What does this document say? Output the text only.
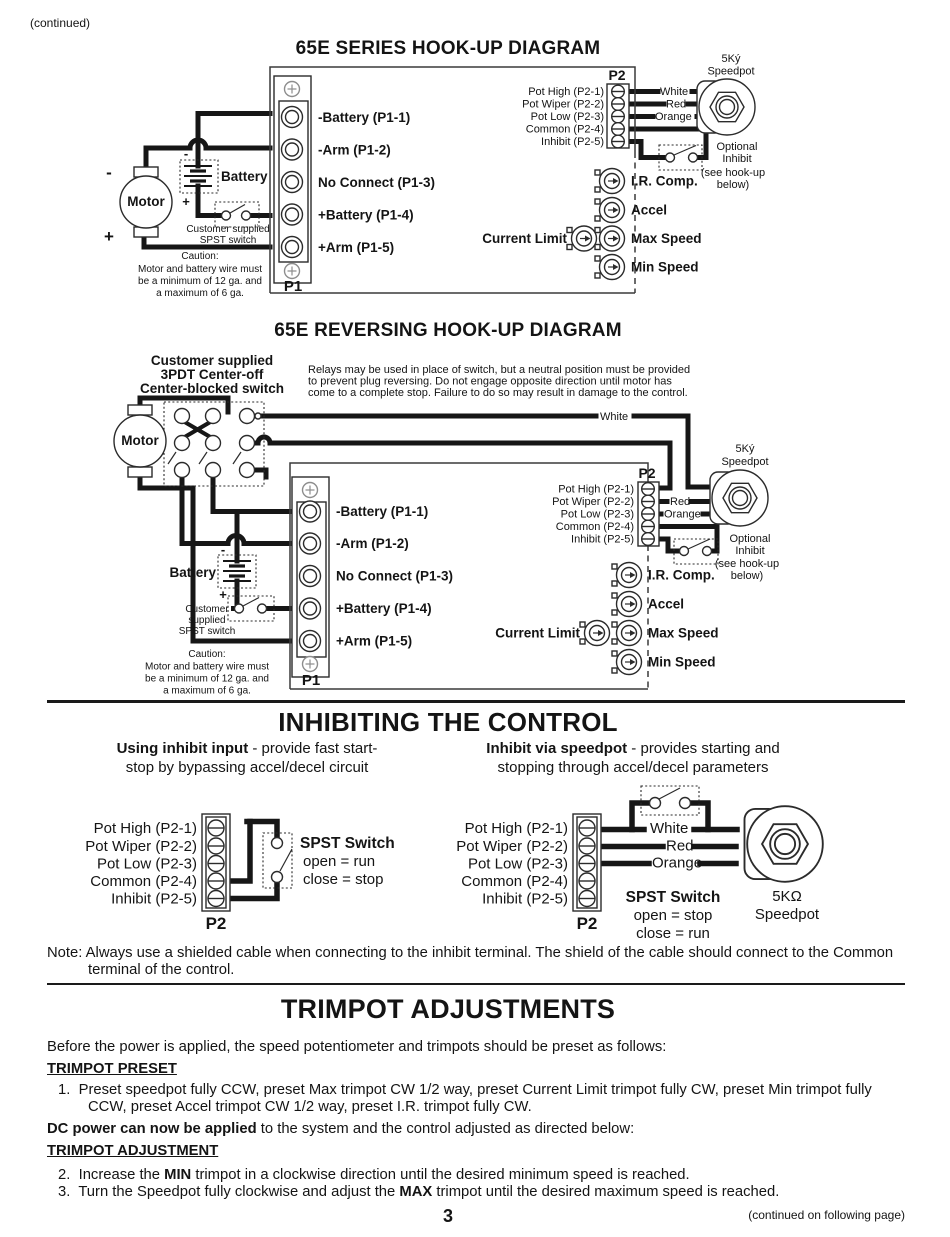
(continued)
65E SERIES HOOK-UP DIAGRAM
P1
-Battery (P1-1)
-Arm (P1-2)
No Connect (P1-3)
+Battery (P1-4)
+Arm (P1-5)
Motor
-
+
-
+
Battery
Customer supplied
SPST switch
Caution:
Motor and battery wire must
be a minimum of 12 ga. and
a maximum of 6 ga.
P2
Pot High (P2-1)
Pot Wiper (P2-2)
Pot Low (P2-3)
Common (P2-4)
Inhibit (P2-5)
White
Red
Orange
5Ký
Speedpot
Optional
Inhibit
(see hook-up
below)
I.R. Comp.
Accel
Max Speed
Min Speed
Current Limit
65E REVERSING HOOK-UP DIAGRAM
Customer supplied
3PDT Center-off
Center-blocked switch
Relays may be used in place of switch, but a neutral position must be provided
to prevent plug reversing. Do not engage opposite direction until motor has
come to a complete stop. Failure to do so may result in damage to the control.
Motor
White
P1
-Battery (P1-1)
-Arm (P1-2)
No Connect (P1-3)
+Battery (P1-4)
+Arm (P1-5)
-
+
Battery
Customer
supplied
SPST switch
Caution:
Motor and battery wire must
be a minimum of 12 ga. and
a maximum of 6 ga.
P2
Pot High (P2-1)
Pot Wiper (P2-2)
Pot Low (P2-3)
Common (P2-4)
Inhibit (P2-5)
Red
Orange
5Ký
Speedpot
Optional
Inhibit
(see hook-up
below)
I.R. Comp.
Accel
Max Speed
Min Speed
Current Limit
INHIBITING THE CONTROL
Using inhibit input - provide fast start-
stop by bypassing accel/decel circuit
Inhibit via speedpot - provides starting and
stopping through accel/decel parameters
P2
Pot High (P2-1)
Pot Wiper (P2-2)
Pot Low (P2-3)
Common (P2-4)
Inhibit (P2-5)
SPST Switch
open = run
close = stop
P2
Pot High (P2-1)
Pot Wiper (P2-2)
Pot Low (P2-3)
Common (P2-4)
Inhibit (P2-5)
White
Red
Orange
SPST Switch
open = stop
close = run
5KΩ
Speedpot
Note: Always use a shielded cable when connecting to the inhibit terminal. The shield of the cable should connect to the Common
terminal of the control.
TRIMPOT ADJUSTMENTS
Before the power is applied, the speed potentiometer and trimpots should be preset as follows:
TRIMPOT PRESET
1. Preset speedpot fully CCW, preset Max trimpot CW 1/2 way, preset Current Limit trimpot fully CW, preset Min trimpot fully
CCW, preset Accel trimpot CW 1/2 way, preset I.R. trimpot fully CW.
DC power can now be applied to the system and the control adjusted as directed below:
TRIMPOT ADJUSTMENT
2. Increase the MIN trimpot in a clockwise direction until the desired minimum speed is reached.
3. Turn the Speedpot fully clockwise and adjust the MAX trimpot until the desired maximum speed is reached.
3	(continued on following page)
